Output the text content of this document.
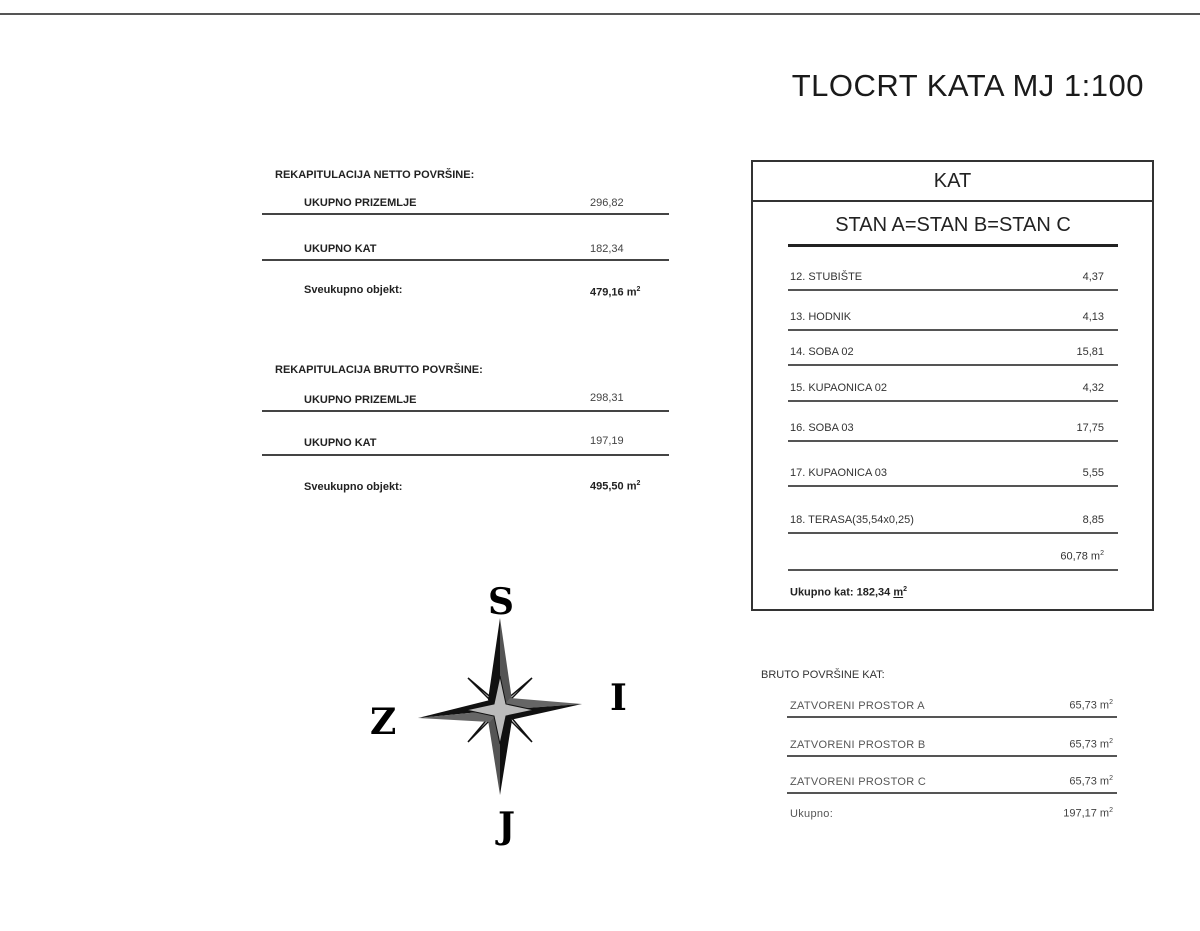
TLOCRT KATA MJ 1:100
REKAPITULACIJA NETTO POVRŠINE:
UKUPNO PRIZEMLJE	296,82
UKUPNO KAT	182,34
Sveukupno objekt:	479,16 $m^2$
REKAPITULACIJA BRUTTO POVRŠINE:
UKUPNO PRIZEMLJE	298,31
UKUPNO KAT	197,19
Sveukupno objekt:	495,50 $m^2$
KAT
STAN A=STAN B=STAN C
12. STUBIŠTE	4,37
13. HODNIK	4,13
14. SOBA 02	15,81
15. KUPAONICA 02	4,32
16. SOBA 03	17,75
17. KUPAONICA 03	5,55
18. TERASA(35,54x0,25)	8,85
60,78 $m^2$
Ukupno kat: 182,34 $m^2$
BRUTO POVRŠINE KAT:
ZATVORENI PROSTOR A	65,73 $m^2$
ZATVORENI PROSTOR B	65,73 $m^2$
ZATVORENI PROSTOR C	65,73 $m^2$
Ukupno:	197,17 $m^2$
S
I
J
Z
